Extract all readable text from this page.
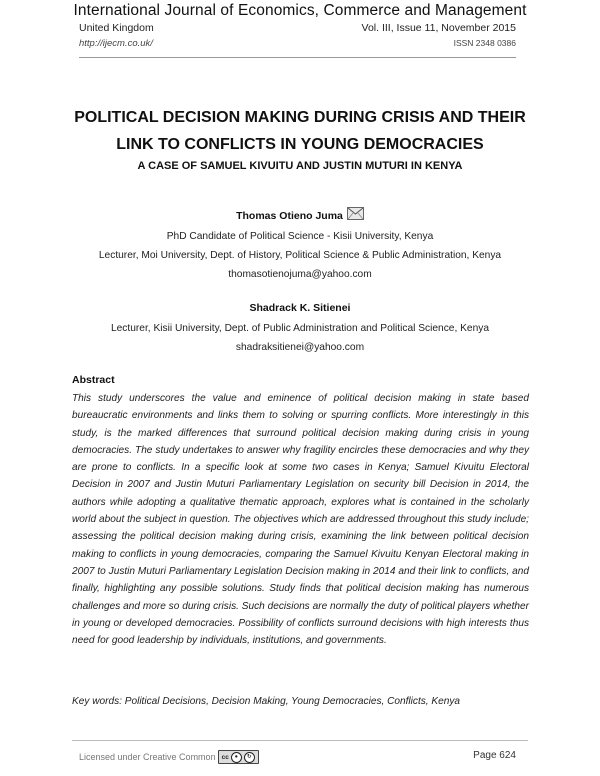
International Journal of Economics, Commerce and Management
United Kingdom	Vol. III, Issue 11, November 2015
http://ijecm.co.uk/	ISSN 2348 0386
POLITICAL DECISION MAKING DURING CRISIS AND THEIR
LINK TO CONFLICTS IN YOUNG DEMOCRACIES
A CASE OF SAMUEL KIVUITU AND JUSTIN MUTURI IN KENYA
Thomas Otieno Juma
PhD Candidate of Political Science - Kisii University, Kenya
Lecturer, Moi University, Dept. of History, Political Science & Public Administration, Kenya
thomasotienojuma@yahoo.com
Shadrack K. Sitienei
Lecturer, Kisii University, Dept. of Public Administration and Political Science, Kenya
shadraksitienei@yahoo.com
Abstract
This study underscores the value and eminence of political decision making in state based bureaucratic environments and links them to solving or spurring conflicts. More interestingly in this study, is the marked differences that surround political decision making during crisis in young democracies. The study undertakes to answer why fragility encircles these democracies and why they are prone to conflicts. In a specific look at some two cases in Kenya; Samuel Kivuitu Electoral Decision in 2007 and Justin Muturi Parliamentary Legislation on security bill Decision in 2014, the authors while adopting a qualitative thematic approach, explores what is contained in the scholarly world about the subject in question. The objectives which are addressed throughout this study include; assessing the political decision making during crisis, examining the link between political decision making to conflicts in young democracies, comparing the Samuel Kivuitu Kenyan Electoral making in 2007 to Justin Muturi Parliamentary Legislation Decision making in 2014 and their link to conflicts, and finally, highlighting any possible solutions. Study finds that political decision making has numerous challenges and more so during crisis. Such decisions are normally the duty of political players whether in young or developed democracies. Possibility of conflicts surround decisions with high interests thus need for good leadership by individuals, institutions, and governments.
Key words: Political Decisions, Decision Making, Young Democracies, Conflicts, Kenya
Licensed under Creative Common cc	●	↻	Page 624
